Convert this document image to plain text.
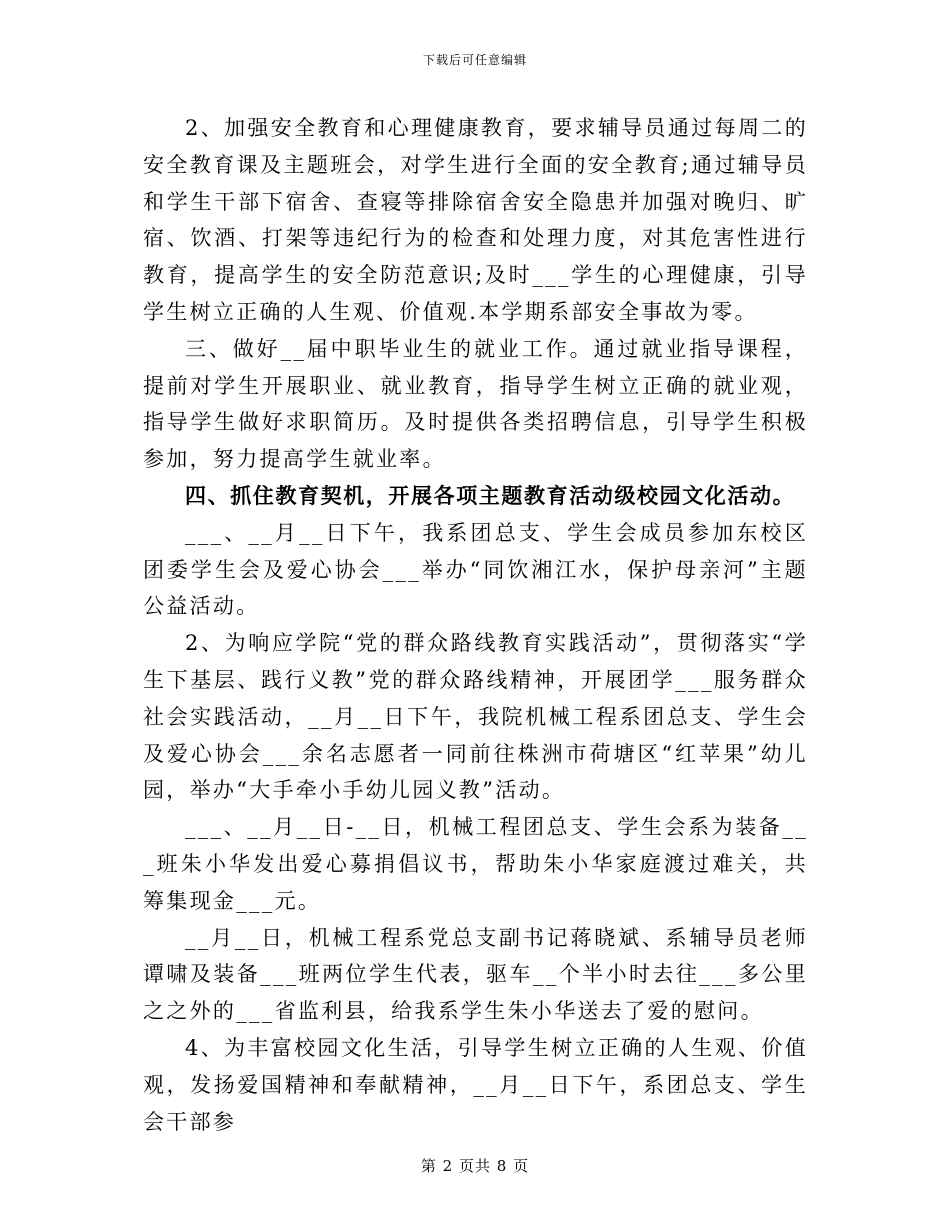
下载后可任意编辑

2、加强安全教育和心理健康教育，要求辅导员通过每周二的安全教育课及主题班会，对学生进行全面的安全教育;通过辅导员和学生干部下宿舍、查寝等排除宿舍安全隐患并加强对晚归、旷宿、饮酒、打架等违纪行为的检查和处理力度，对其危害性进行教育，提高学生的安全防范意识;及时___学生的心理健康，引导学生树立正确的人生观、价值观.本学期系部安全事故为零。

三、做好__届中职毕业生的就业工作。通过就业指导课程，提前对学生开展职业、就业教育，指导学生树立正确的就业观，指导学生做好求职简历。及时提供各类招聘信息，引导学生积极参加，努力提高学生就业率。

四、抓住教育契机，开展各项主题教育活动级校园文化活动。

___、__月__日下午，我系团总支、学生会成员参加东校区团委学生会及爱心协会___举办“同饮湘江水，保护母亲河”主题公益活动。

2、为响应学院“党的群众路线教育实践活动”，贯彻落实“学生下基层、践行义教”党的群众路线精神，开展团学___服务群众社会实践活动，__月__日下午，我院机械工程系团总支、学生会及爱心协会___余名志愿者一同前往株洲市荷塘区“红苹果”幼儿园，举办“大手牵小手幼儿园义教”活动。

___、__月__日-__日，机械工程团总支、学生会系为装备___班朱小华发出爱心募捐倡议书，帮助朱小华家庭渡过难关，共筹集现金___元。

__月__日，机械工程系党总支副书记蒋晓斌、系辅导员老师谭啸及装备___班两位学生代表，驱车__个半小时去往___多公里之之外的___省监利县，给我系学生朱小华送去了爱的慰问。

4、为丰富校园文化生活，引导学生树立正确的人生观、价值观，发扬爱国精神和奉献精神，__月__日下午，系团总支、学生会干部参

第 2 页共 8 页
